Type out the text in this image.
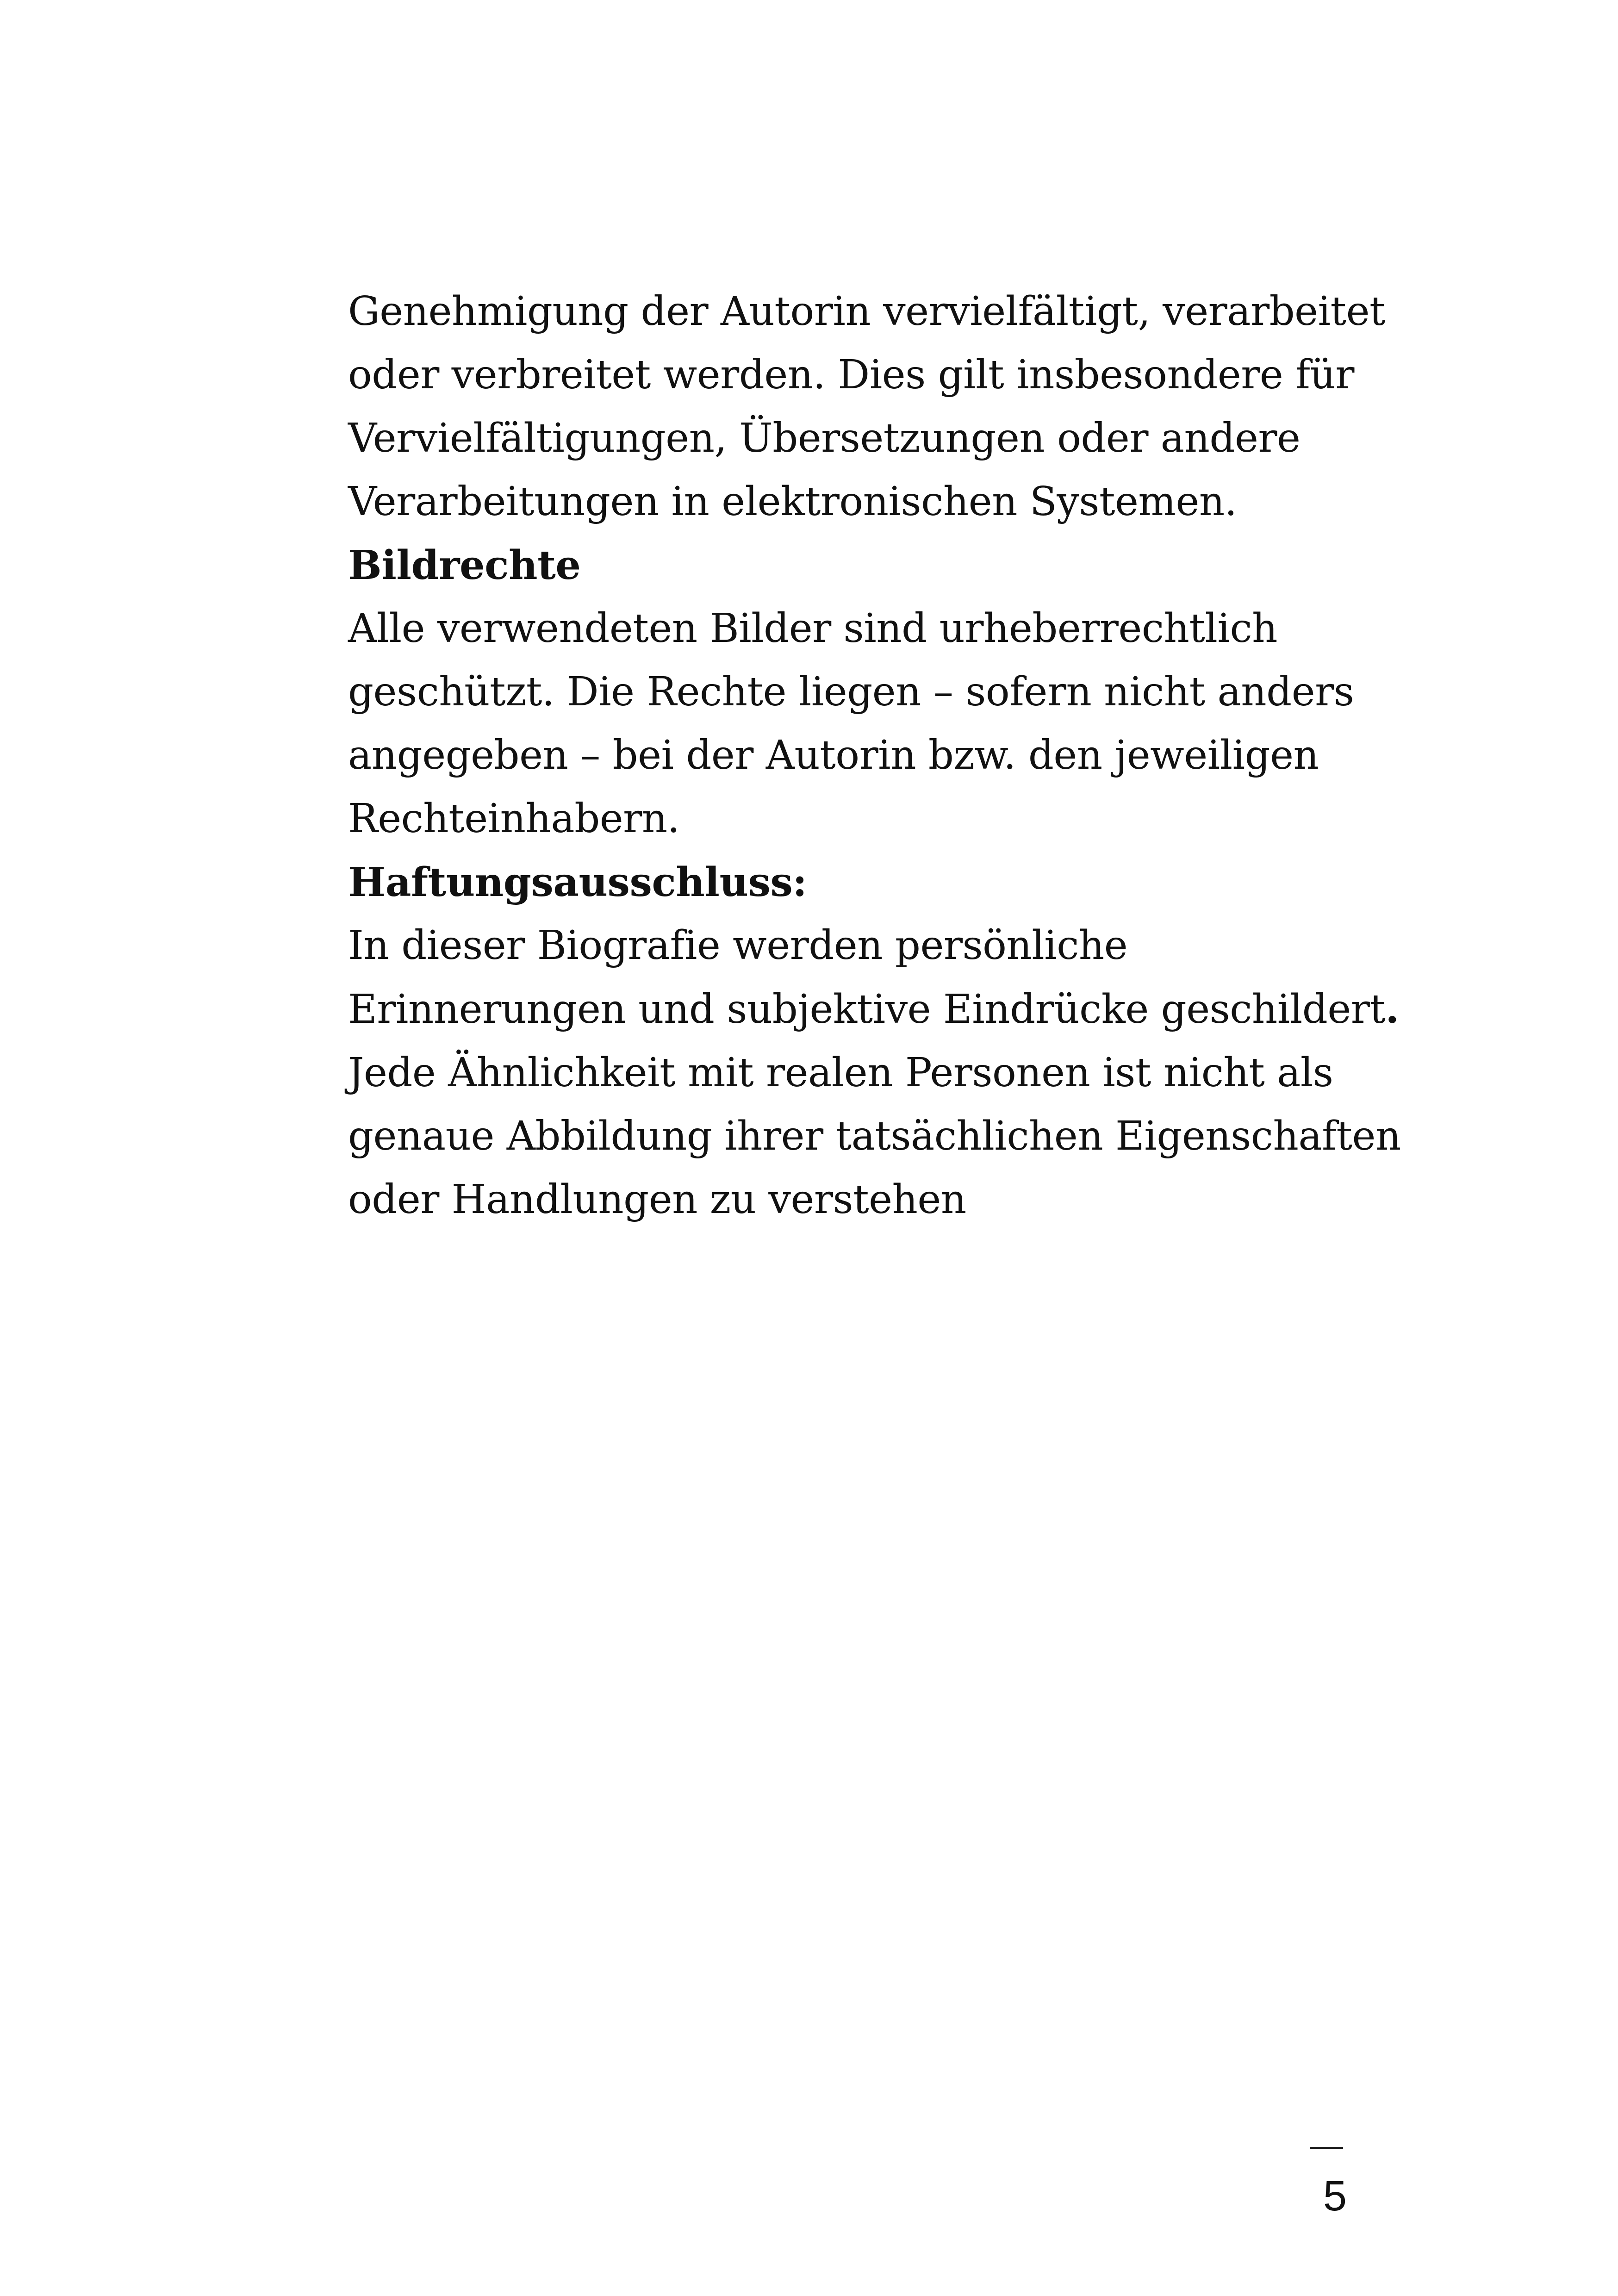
Genehmigung der Autorin vervielfältigt, verarbeitet
oder verbreitet werden. Dies gilt insbesondere für
Vervielfältigungen, Übersetzungen oder andere
Verarbeitungen in elektronischen Systemen.
Bildrechte
Alle verwendeten Bilder sind urheberrechtlich
geschützt. Die Rechte liegen – sofern nicht anders
angegeben – bei der Autorin bzw. den jeweiligen
Rechteinhabern.
Haftungsausschluss:
In dieser Biografie werden persönliche
Erinnerungen und subjektive Eindrücke geschildert.
Jede Ähnlichkeit mit realen Personen ist nicht als
genaue Abbildung ihrer tatsächlichen Eigenschaften
oder Handlungen zu verstehen
5
